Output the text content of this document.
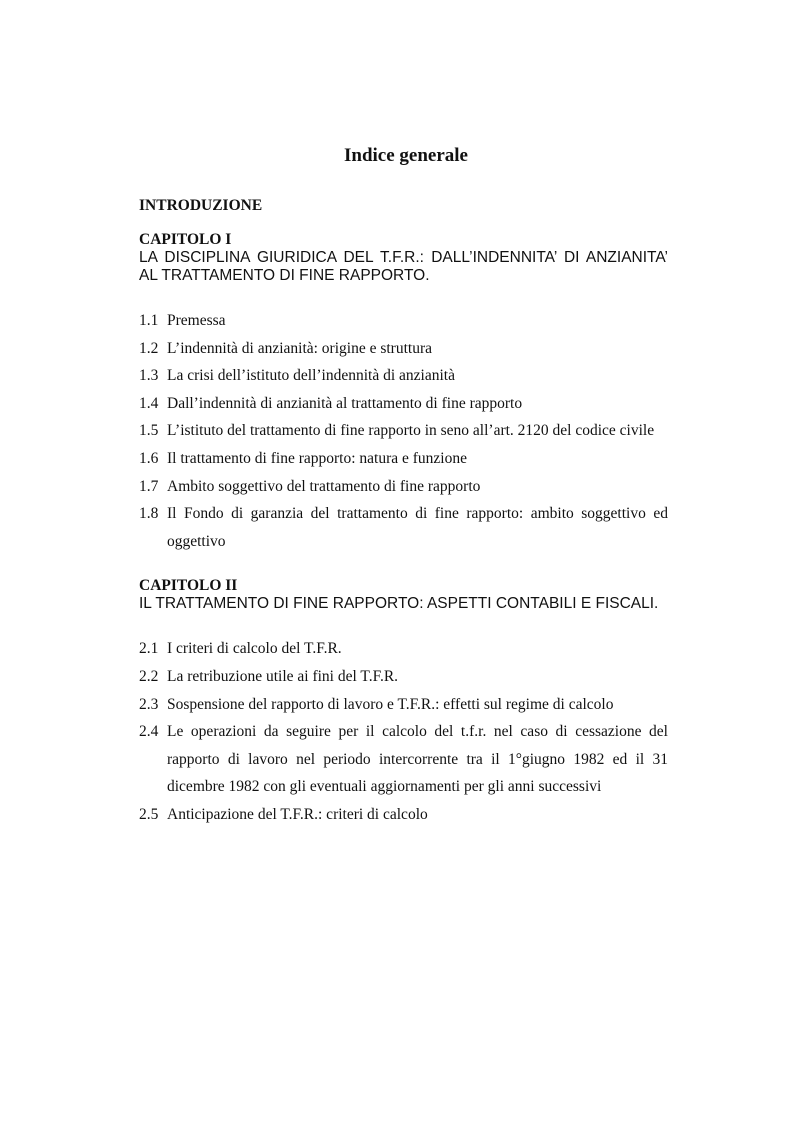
Indice generale
INTRODUZIONE
CAPITOLO I
LA DISCIPLINA GIURIDICA DEL T.F.R.: DALL’INDENNITA’ DI ANZIANITA’ AL TRATTAMENTO DI FINE RAPPORTO.
1.1 Premessa
1.2 L’indennità di anzianità: origine e struttura
1.3 La crisi dell’istituto dell’indennità di anzianità
1.4 Dall’indennità di anzianità al trattamento di fine rapporto
1.5 L’istituto del trattamento di fine rapporto in seno all’art. 2120 del codice civile
1.6 Il trattamento di fine rapporto: natura e funzione
1.7 Ambito soggettivo del trattamento di fine rapporto
1.8 Il Fondo di garanzia del trattamento di fine rapporto: ambito soggettivo ed oggettivo
CAPITOLO II
IL TRATTAMENTO DI FINE RAPPORTO: ASPETTI CONTABILI E FISCALI.
2.1 I criteri di calcolo del T.F.R.
2.2 La retribuzione utile ai fini del T.F.R.
2.3 Sospensione del rapporto di lavoro e T.F.R.: effetti sul regime di calcolo
2.4 Le operazioni da seguire per il calcolo del t.f.r. nel caso di cessazione del rapporto di lavoro nel periodo intercorrente tra il 1°giugno 1982 ed il 31 dicembre 1982 con gli eventuali aggiornamenti per gli anni successivi
2.5 Anticipazione del T.F.R.: criteri di calcolo
